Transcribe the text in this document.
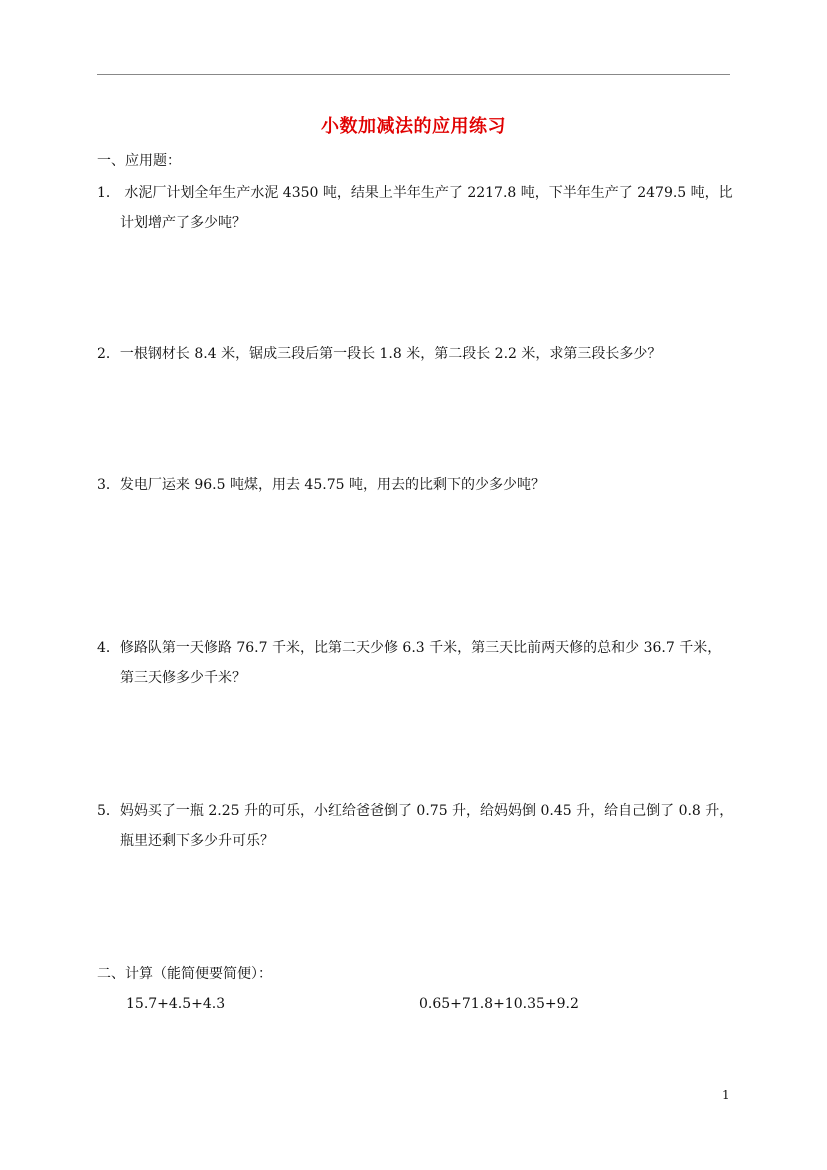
小数加减法的应用练习
一、应用题：
1． 水泥厂计划全年生产水泥 4350 吨，结果上半年生产了 2217.8 吨，下半年生产了 2479.5 吨，比
计划增产了多少吨？
2．一根钢材长 8.4 米，锯成三段后第一段长 1.8 米，第二段长 2.2 米，求第三段长多少？
3．发电厂运来 96.5 吨煤，用去 45.75 吨，用去的比剩下的少多少吨？
4．修路队第一天修路 76.7 千米，比第二天少修 6.3 千米，第三天比前两天修的总和少 36.7 千米，
第三天修多少千米？
5．妈妈买了一瓶 2.25 升的可乐，小红给爸爸倒了 0.75 升，给妈妈倒 0.45 升，给自己倒了 0.8 升，
瓶里还剩下多少升可乐？
二、计算（能简便要简便）：
15.7+4.5+4.3	0.65+71.8+10.35+9.2
1
